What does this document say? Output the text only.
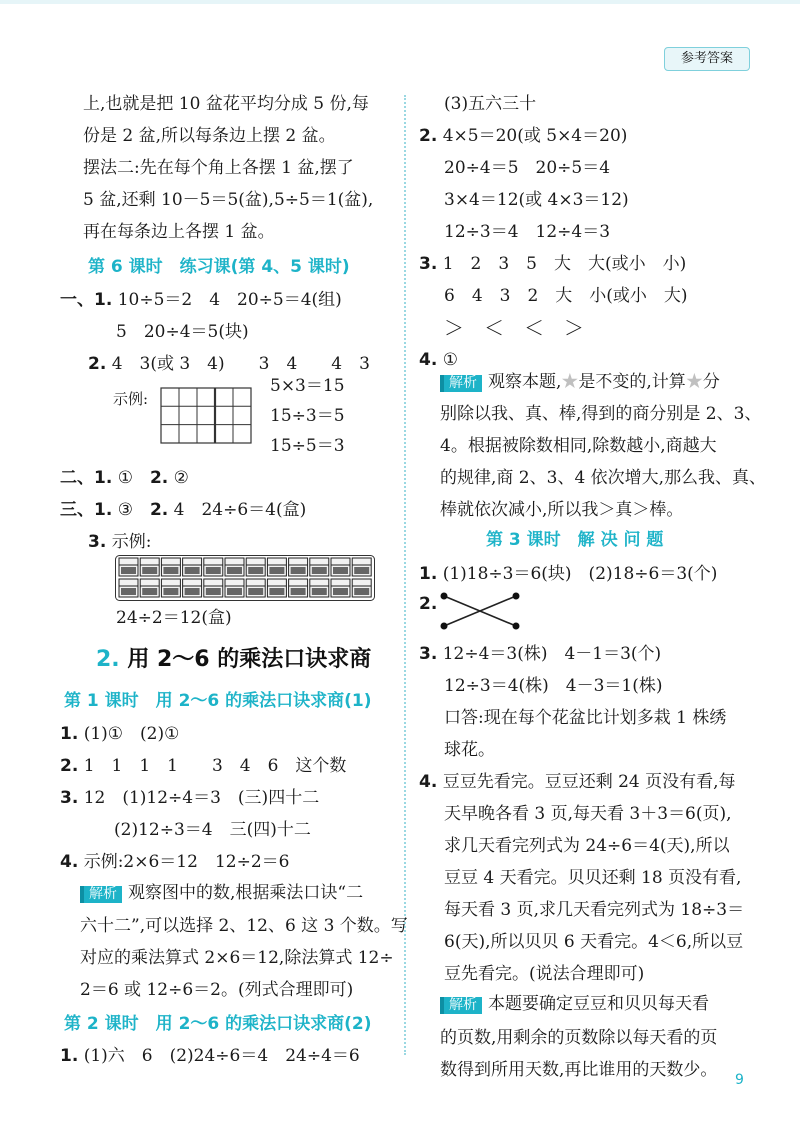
参考答案
上,也就是把 10 盆花平均分成 5 份,每
份是 2 盆,所以每条边上摆 2 盆。
摆法二:先在每个角上各摆 1 盆,摆了
5 盆,还剩 10－5＝5(盆),5÷5＝1(盆),
再在每条边上各摆 1 盆。
第 6 课时　练习课(第 4、5 课时)
一、1. 10÷5＝2　4　20÷5＝4(组)
5　20÷4＝5(块)
2. 4　3(或 3　4)　　3　4　　4　3
示例:
5×3＝15
15÷3＝5
15÷5＝3
二、1. ①　2. ②
三、1. ③　2. 4　24÷6＝4(盒)
3. 示例:
24÷2＝12(盒)
2. 用 2～6 的乘法口诀求商
第 1 课时　用 2～6 的乘法口诀求商(1)
1. (1)①　(2)①
2. 1　1　1　1　　3　4　6　这个数
3. 12　(1)12÷4＝3　(三)四十二
(2)12÷3＝4　三(四)十二
4. 示例:2×6＝12　12÷2＝6
解析 观察图中的数,根据乘法口诀“二
六十二”,可以选择 2、12、6 这 3 个数。写
对应的乘法算式 2×6＝12,除法算式 12÷
2＝6 或 12÷6＝2。(列式合理即可)
第 2 课时　用 2～6 的乘法口诀求商(2)
1. (1)六　6　(2)24÷6＝4　24÷4＝6
(3)五六三十
2. 4×5＝20(或 5×4＝20)
20÷4＝5　20÷5＝4
3×4＝12(或 4×3＝12)
12÷3＝4　12÷4＝3
3. 1　2　3　5　大　大(或小　小)
6　4　3　2　大　小(或小　大)
＞　＜　＜　＞
4. ①
解析 观察本题,★是不变的,计算★分
别除以我、真、棒,得到的商分别是 2、3、
4。根据被除数相同,除数越小,商越大
的规律,商 2、3、4 依次增大,那么我、真、
棒就依次减小,所以我＞真＞棒。
第 3 课时　解 决 问 题
1. (1)18÷3＝6(块)　(2)18÷6＝3(个)
2.
3. 12÷4＝3(株)　4－1＝3(个)
12÷3＝4(株)　4－3＝1(株)
口答:现在每个花盆比计划多栽 1 株绣
球花。
4. 豆豆先看完。豆豆还剩 24 页没有看,每
天早晚各看 3 页,每天看 3＋3＝6(页),
求几天看完列式为 24÷6＝4(天),所以
豆豆 4 天看完。贝贝还剩 18 页没有看,
每天看 3 页,求几天看完列式为 18÷3＝
6(天),所以贝贝 6 天看完。4＜6,所以豆
豆先看完。(说法合理即可)
解析 本题要确定豆豆和贝贝每天看
的页数,用剩余的页数除以每天看的页
数得到所用天数,再比谁用的天数少。 9
